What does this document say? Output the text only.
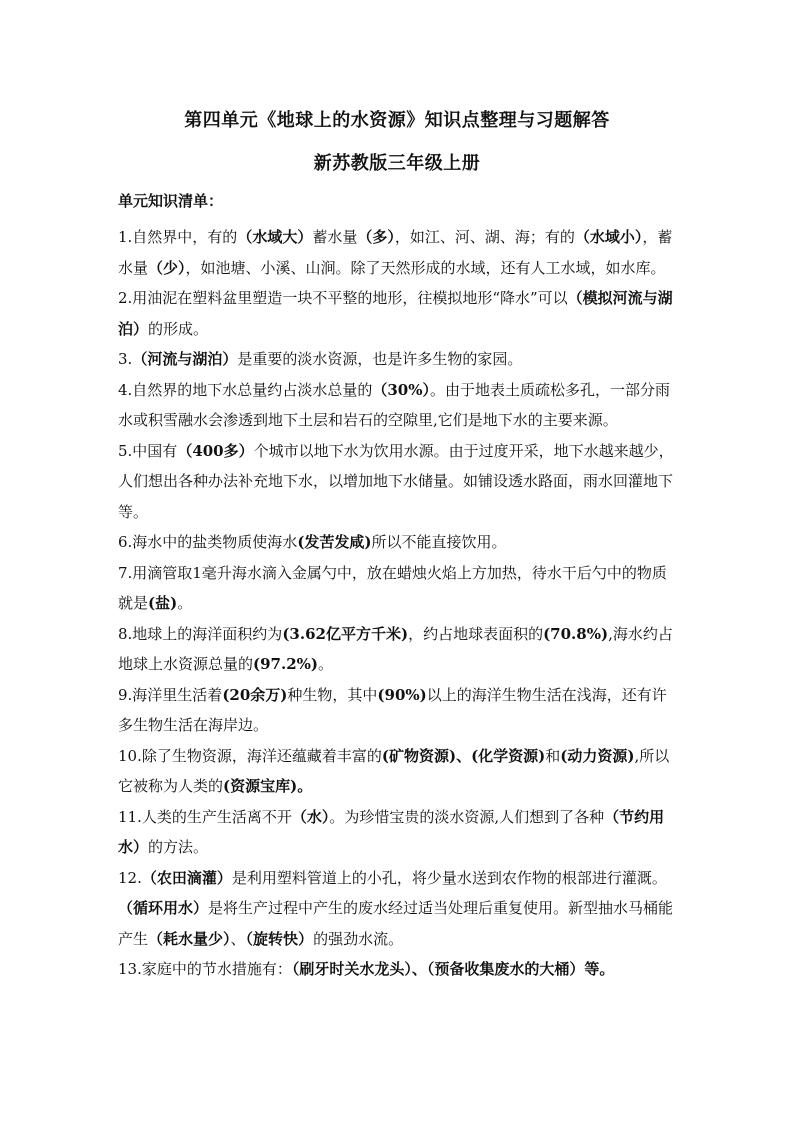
第四单元《地球上的水资源》知识点整理与习题解答
新苏教版三年级上册
单元知识清单：

1.自然界中，有的（水域大）蓄水量（多），如江、河、湖、海；有的（水域小），蓄水量（少），如池塘、小溪、山涧。除了天然形成的水域，还有人工水域，如水库。

2.用油泥在塑料盆里塑造一块不平整的地形，往模拟地形“降水”可以（模拟河流与湖泊）的形成。

3.（河流与湖泊）是重要的淡水资源，也是许多生物的家园。

4.自然界的地下水总量约占淡水总量的（30%）。由于地表土质疏松多孔，一部分雨水或积雪融水会渗透到地下土层和岩石的空隙里,它们是地下水的主要来源。

5.中国有（400多）个城市以地下水为饮用水源。由于过度开采，地下水越来越少，人们想出各种办法补充地下水，以增加地下水储量。如铺设透水路面，雨水回灌地下等。

6.海水中的盐类物质使海水(发苦发咸)所以不能直接饮用。

7.用滴管取1毫升海水滴入金属勺中，放在蜡烛火焰上方加热，待水干后勺中的物质就是(盐)。

8.地球上的海洋面积约为(3.62亿平方千米)，约占地球表面积的(70.8%),海水约占地球上水资源总量的(97.2%)。

9.海洋里生活着(20余万)种生物，其中(90%)以上的海洋生物生活在浅海，还有许多生物生活在海岸边。

10.除了生物资源，海洋还蕴藏着丰富的(矿物资源)、(化学资源)和(动力资源),所以它被称为人类的(资源宝库)。

11.人类的生产生活离不开（水）。为珍惜宝贵的淡水资源,人们想到了各种（节约用水）的方法。

12.（农田滴灌）是利用塑料管道上的小孔，将少量水送到农作物的根部进行灌溉。（循环用水）是将生产过程中产生的废水经过适当处理后重复使用。新型抽水马桶能产生（耗水量少）、（旋转快）的强劲水流。

13.家庭中的节水措施有：（刷牙时关水龙头）、（预备收集废水的大桶）等。
